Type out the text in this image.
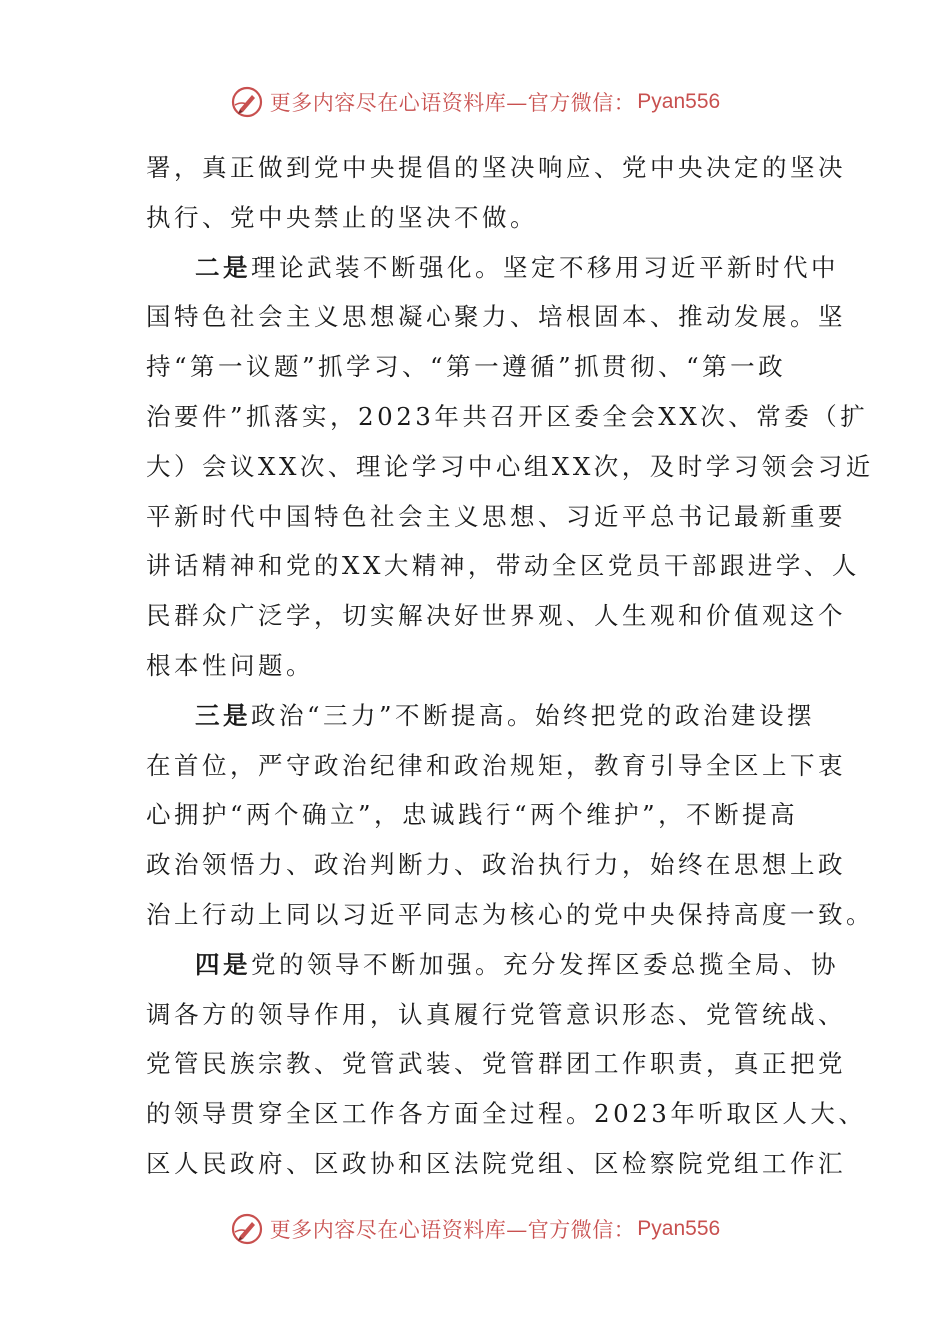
更多内容尽在心语资料库—官方微信： Pyan556
署，真正做到党中央提倡的坚决响应、党中央决定的坚决
执行、党中央禁止的坚决不做。
二是理论武装不断强化。坚定不移用习近平新时代中
国特色社会主义思想凝心聚力、培根固本、推动发展。坚
持“第一议题”抓学习、“第一遵循”抓贯彻、“第一政
治要件”抓落实，2023年共召开区委全会XX次、常委（扩
大）会议XX次、理论学习中心组XX次，及时学习领会习近
平新时代中国特色社会主义思想、习近平总书记最新重要
讲话精神和党的XX大精神，带动全区党员干部跟进学、人
民群众广泛学，切实解决好世界观、人生观和价值观这个
根本性问题。
三是政治“三力”不断提高。始终把党的政治建设摆
在首位，严守政治纪律和政治规矩，教育引导全区上下衷
心拥护“两个确立”，忠诚践行“两个维护”，不断提高
政治领悟力、政治判断力、政治执行力，始终在思想上政
治上行动上同以习近平同志为核心的党中央保持高度一致。
四是党的领导不断加强。充分发挥区委总揽全局、协
调各方的领导作用，认真履行党管意识形态、党管统战、
党管民族宗教、党管武装、党管群团工作职责，真正把党
的领导贯穿全区工作各方面全过程。2023年听取区人大、
区人民政府、区政协和区法院党组、区检察院党组工作汇
更多内容尽在心语资料库—官方微信： Pyan556
